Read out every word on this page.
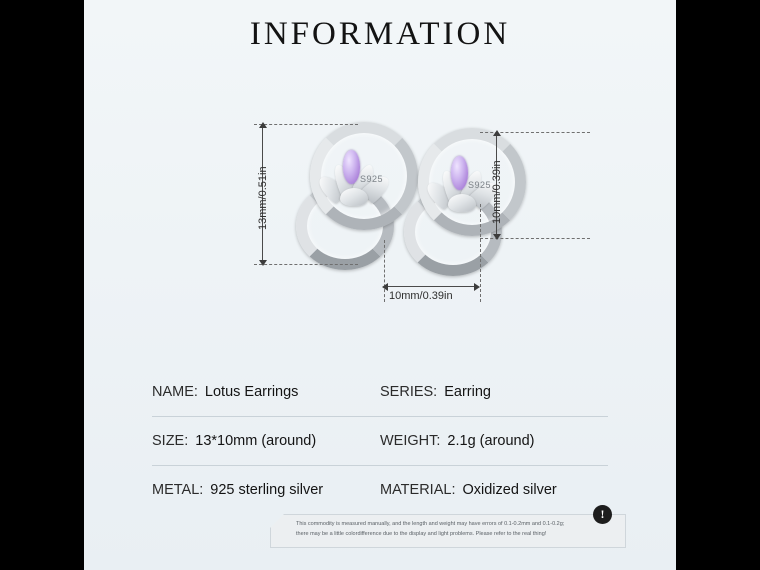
INFORMATION
S925
S925
13mm/0.51in	10mm/0.39in
10mm/0.39in
NAME: Lotus Earrings	SERIES: Earring
SIZE: 13*10mm (around)	WEIGHT: 2.1g (around)
METAL: 925 sterling silver	MATERIAL: Oxidized silver
This commodity is measured manually, and the length and weight may have errors of 0.1-0.2mm and 0.1-0.2g;
there may be a little colordifference due to the display and light problems. Please refer to the real thing!
!
